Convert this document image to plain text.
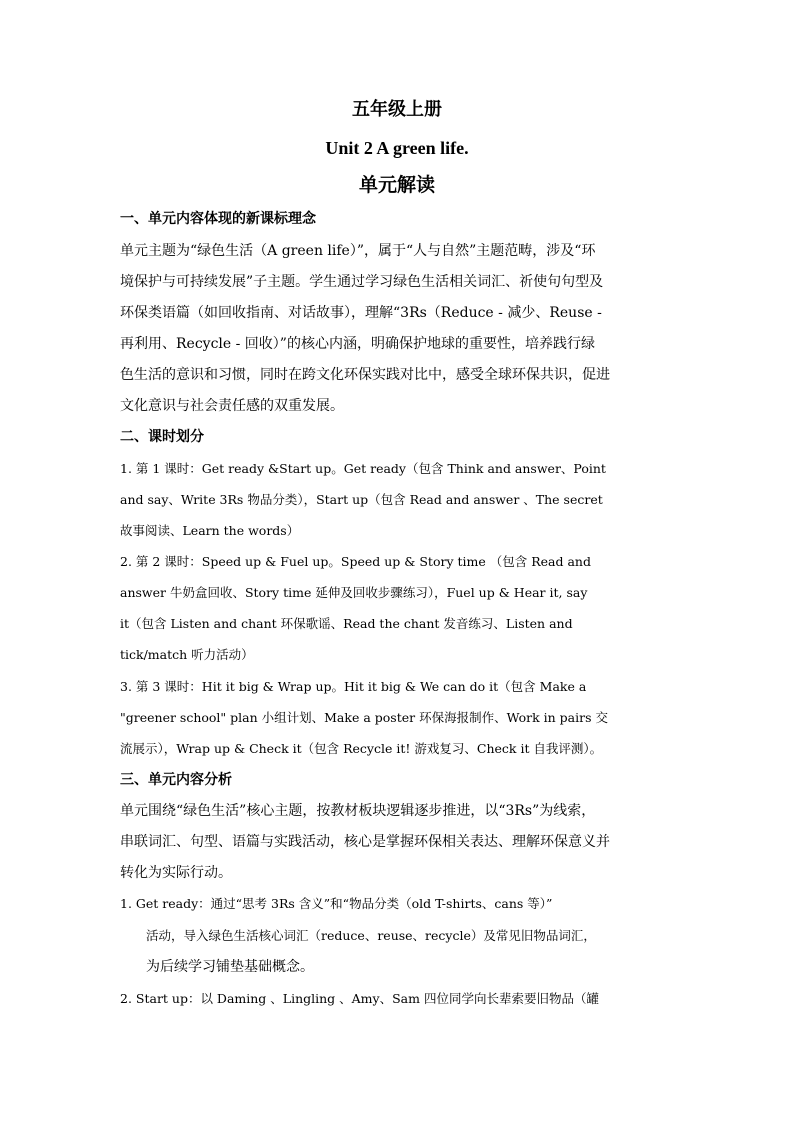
五年级上册
Unit 2 A green life.
单元解读
一、单元内容体现的新课标理念
单元主题为“绿色生活（A green life）”，属于“人与自然”主题范畴，涉及“环
境保护与可持续发展”子主题。学生通过学习绿色生活相关词汇、祈使句句型及
环保类语篇（如回收指南、对话故事），理解“3Rs（Reduce - 减少、Reuse -
再利用、Recycle - 回收）”的核心内涵，明确保护地球的重要性，培养践行绿
色生活的意识和习惯，同时在跨文化环保实践对比中，感受全球环保共识，促进
文化意识与社会责任感的双重发展。
二、课时划分
1. 第 1 课时：Get ready &Start up。Get ready（包含 Think and answer、Point
and say、Write 3Rs 物品分类），Start up（包含 Read and answer 、The secret
故事阅读、Learn the words）
2. 第 2 课时：Speed up & Fuel up。Speed up & Story time （包含 Read and
answer 牛奶盒回收、Story time 延伸及回收步骤练习），Fuel up & Hear it, say
it（包含 Listen and chant 环保歌谣、Read the chant 发音练习、Listen and
tick/match 听力活动）
3. 第 3 课时：Hit it big & Wrap up。Hit it big & We can do it（包含 Make a
"greener school" plan 小组计划、Make a poster 环保海报制作、Work in pairs 交
流展示），Wrap up & Check it（包含 Recycle it! 游戏复习、Check it 自我评测）。
三、单元内容分析
单元围绕“绿色生活”核心主题，按教材板块逻辑逐步推进，以“3Rs”为线索，
串联词汇、句型、语篇与实践活动，核心是掌握环保相关表达、理解环保意义并
转化为实际行动。
1. Get ready：通过“思考 3Rs 含义”和“物品分类（old T-shirts、cans 等）”
活动，导入绿色生活核心词汇（reduce、reuse、recycle）及常见旧物品词汇，
为后续学习铺垫基础概念。
2. Start up：以 Daming 、Lingling 、Amy、Sam 四位同学向长辈索要旧物品（罐
